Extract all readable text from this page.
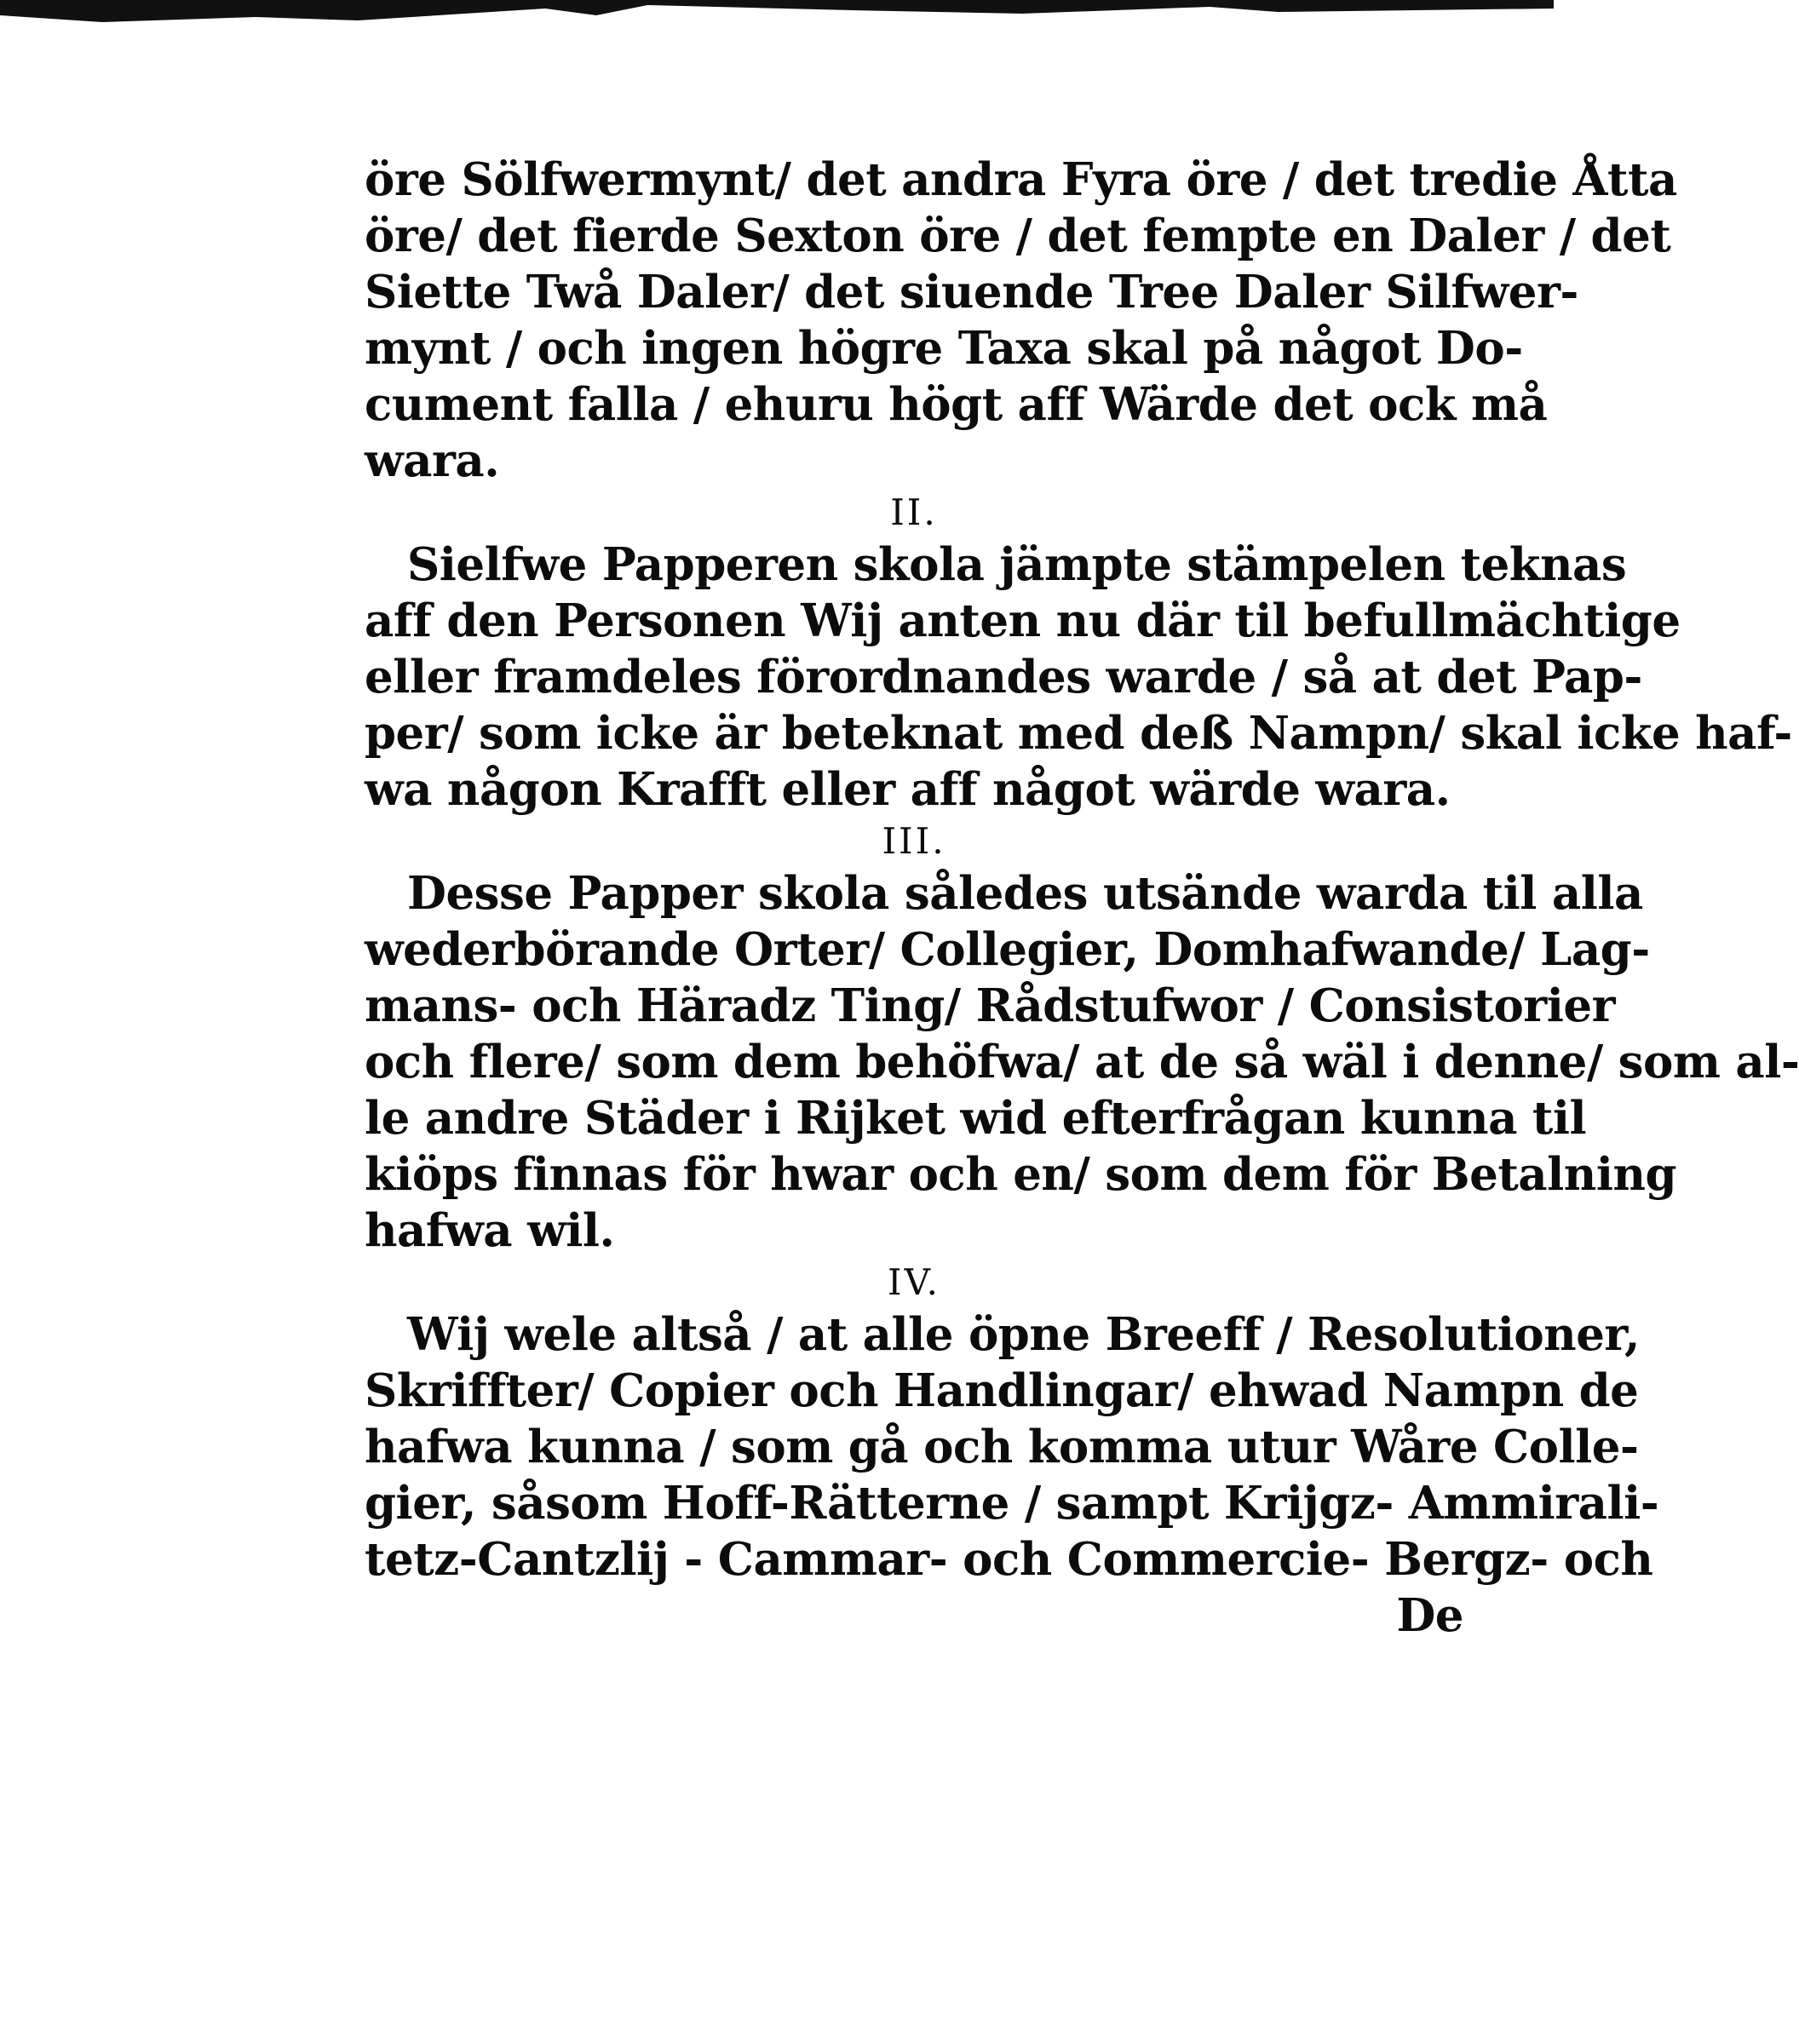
öre Sölfwermynt/ det andra Fyra öre / det tredie Åtta
öre/ det fierde Sexton öre / det fempte en Daler / det
Siette Twå Daler/ det siuende Tree Daler Silfwer-
mynt / och ingen högre Taxa skal på något Do-
cument falla / ehuru högt aff Wärde det ock må
wara.
II.
Sielfwe Papperen skola jämpte stämpelen teknas
aff den Personen Wij anten nu där til befullmächtige
eller framdeles förordnandes warde / så at det Pap-
per/ som icke är beteknat med deß Nampn/ skal icke haf-
wa någon Krafft eller aff något wärde wara.
III.
Desse Papper skola således utsände warda til alla
wederbörande Orter/ Collegier, Domhafwande/ Lag-
mans- och Häradz Ting/ Rådstufwor / Consistorier
och flere/ som dem behöfwa/ at de så wäl i denne/ som al-
le andre Städer i Rijket wid efterfrågan kunna til
kiöps finnas för hwar och en/ som dem för Betalning
hafwa wil.
IV.
Wij wele altså / at alle öpne Breeff / Resolutioner,
Skriffter/ Copier och Handlingar/ ehwad Nampn de
hafwa kunna / som gå och komma utur Wåre Colle-
gier, såsom Hoff-Rätterne / sampt Krijgz- Ammirali-
tetz-Cantzlij - Cammar- och Commercie- Bergz- och
De
